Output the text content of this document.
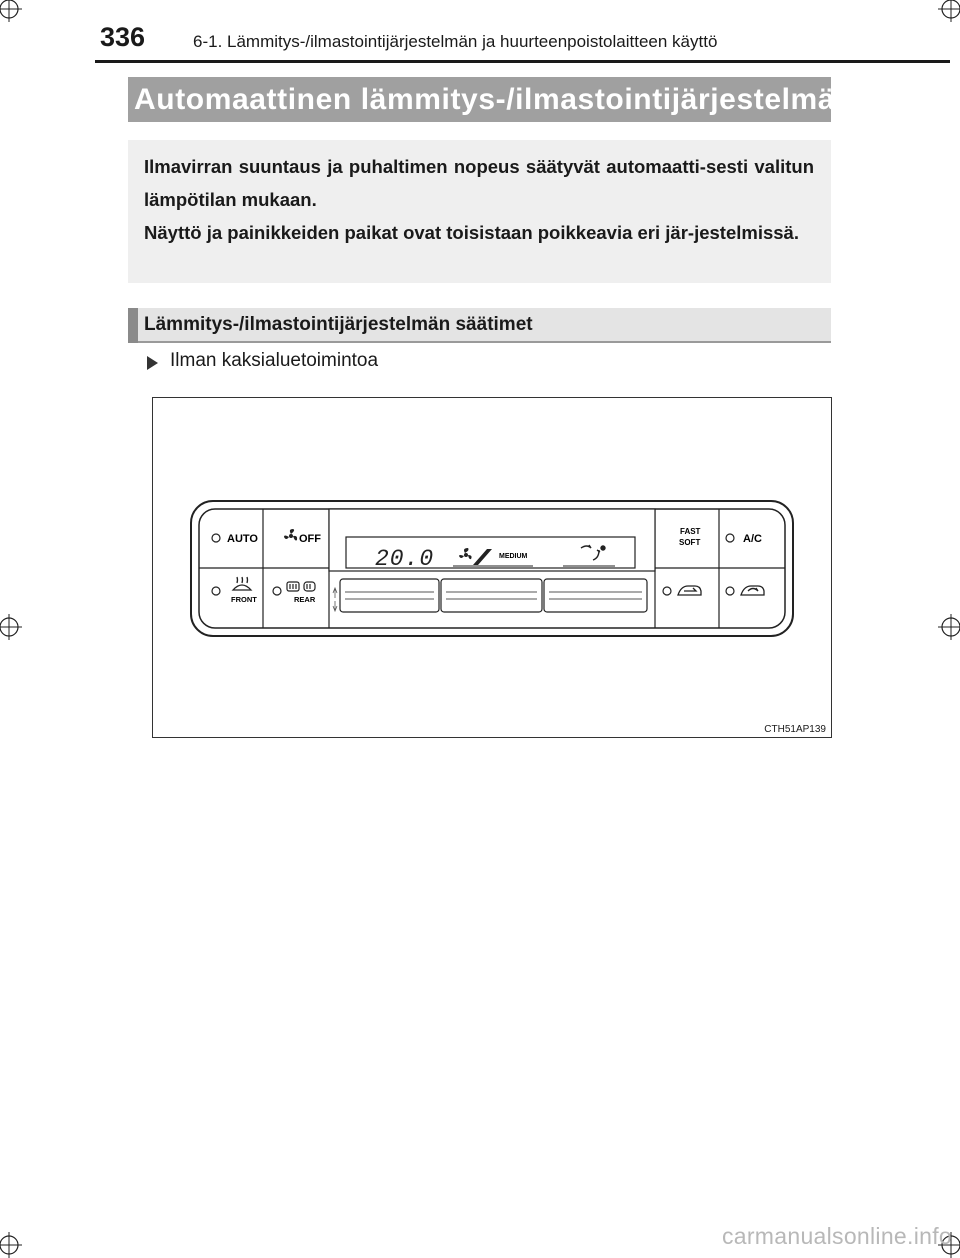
336	6-1. Lämmitys-/ilmastointijärjestelmän ja huurteenpoistolaitteen käyttö
Automaattinen lämmitys-/ilmastointijärjestelmä

Ilmavirran suuntaus ja puhaltimen nopeus säätyvät automaatti-sesti valitun lämpötilan mukaan.

Näyttö ja painikkeiden paikat ovat toisistaan poikkeavia eri jär-jestelmissä.

Lämmitys-/ilmastointijärjestelmän säätimet
Ilman kaksialuetoimintoa
AUTO	OFF
FRONT	REAR
FAST
SOFT	A/C
20.0	MEDIUM
CTH51AP139
carmanualsonline.info
